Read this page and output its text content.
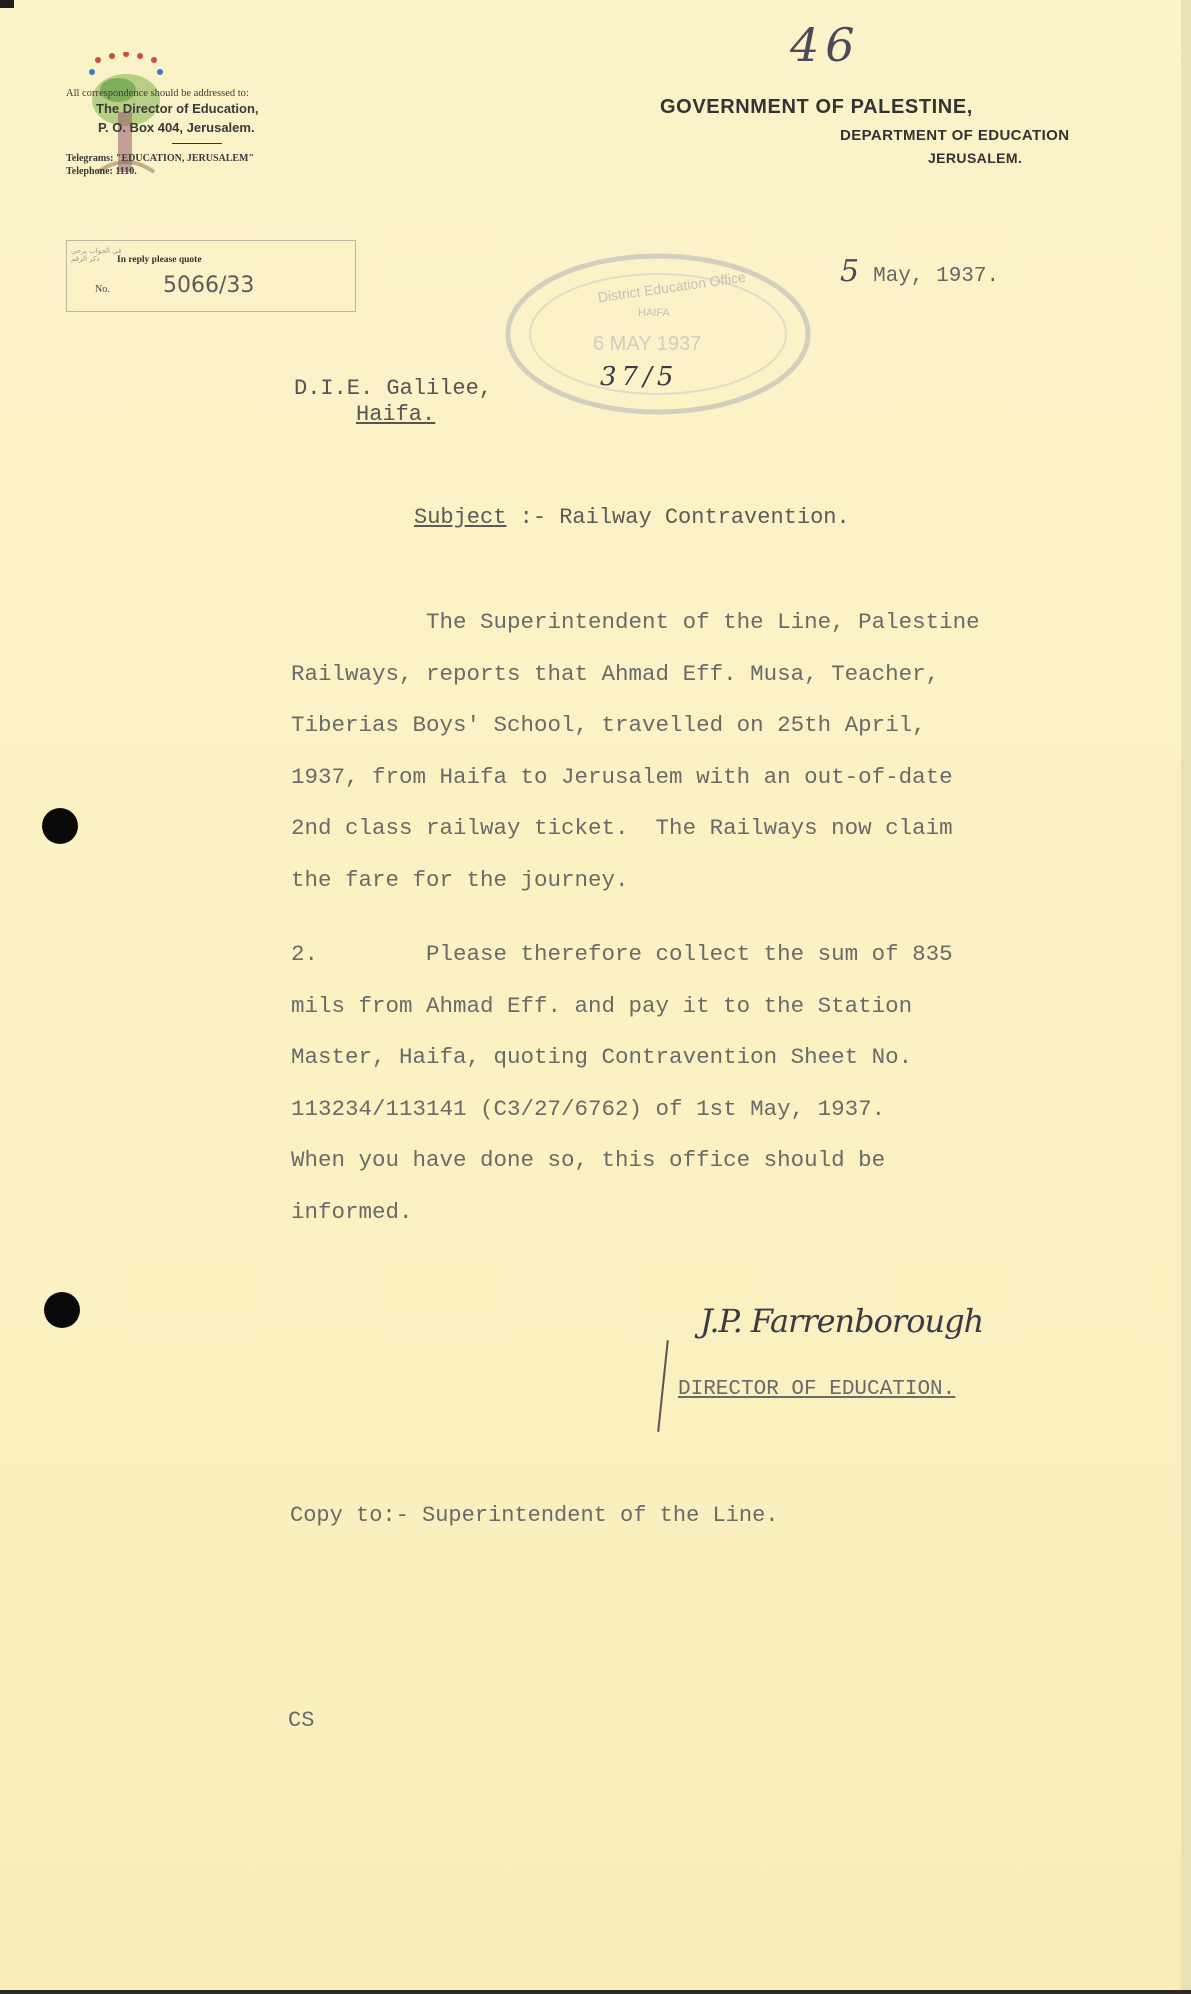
46
All correspondence should be addressed to:
The Director of Education,
P. O. Box 404, Jerusalem.
Telegrams: "EDUCATION, JERUSALEM"
Telephone: 1110.
في الجواب يرجى ذكر الرقم	In reply please quote
No. 5066/33
GOVERNMENT OF PALESTINE,
DEPARTMENT OF EDUCATION
JERUSALEM.
5 May, 1937.
District Education Office
HAIFA
6 MAY 1937
37/5
D.I.E. Galilee,
Haifa.
Subject :- Railway Contravention.
The Superintendent of the Line, Palestine
Railways, reports that Ahmad Eff. Musa, Teacher,
Tiberias Boys' School, travelled on 25th April,
1937, from Haifa to Jerusalem with an out-of-date
2nd class railway ticket.  The Railways now claim
the fare for the journey.
2.        Please therefore collect the sum of 835
mils from Ahmad Eff. and pay it to the Station
Master, Haifa, quoting Contravention Sheet No.
113234/113141 (C3/27/6762) of 1st May, 1937.
When you have done so, this office should be
informed.
J.P. Farrenborough
DIRECTOR OF EDUCATION.
Copy to:- Superintendent of the Line.
CS
